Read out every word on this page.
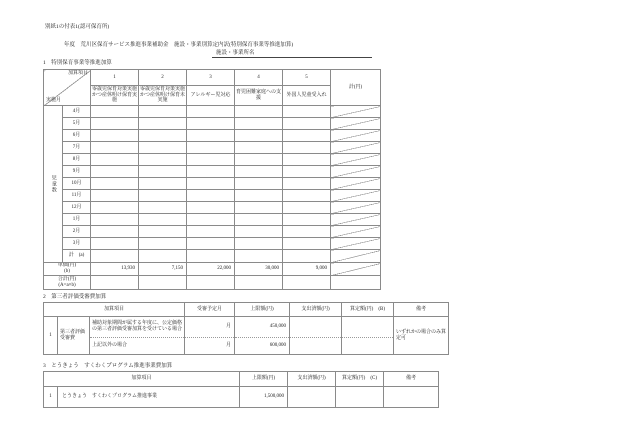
別紙1の付表1(認可保育所)
年度　荒川区保育サービス推進事業補助金　施設・事業別算定内訳(特別保育事業等推進加算)
施設・事業所名
1　特別保育事業等推進加算
加算項目
実施月		1	2	3	4	5	計(円)
		零歳児保育対策実施かつ産休明け保育実施	零歳児保育対策実施かつ産休明け保育未実施	アレルギー児対応	育児困難家庭への支援	外国人児童受入れ	
児童数	4月						
	5月						
	6月						
	7月						
	8月						
	9月						
	10月						
	11月						
	12月						
	1月						
	2月						
	3月						
	計　(a)						

単価(円)
(b)		13,930	7,150	22,000	30,000	9,000	

合計(円)
(A=a×b)							

2　第三者評価受審費加算
加算項目			受審予定月	上限額(円)	支出済額(円)	算定額(円)　(B)	備考
1	第三者評価受審費	補助対象期間が属する年度に、公定価格の第三者評価受審加算を受けている場合	月	450,000			いずれかの場合のみ算定可
		上記以外の場合	月	600,000			
3　とうきょう　すくわくプログラム推進事業費加算
加算項目		上限額(円)	支出済額(円)	算定額(円)　(C)	備考
1	とうきょう　すくわくプログラム推進事業	1,500,000			
